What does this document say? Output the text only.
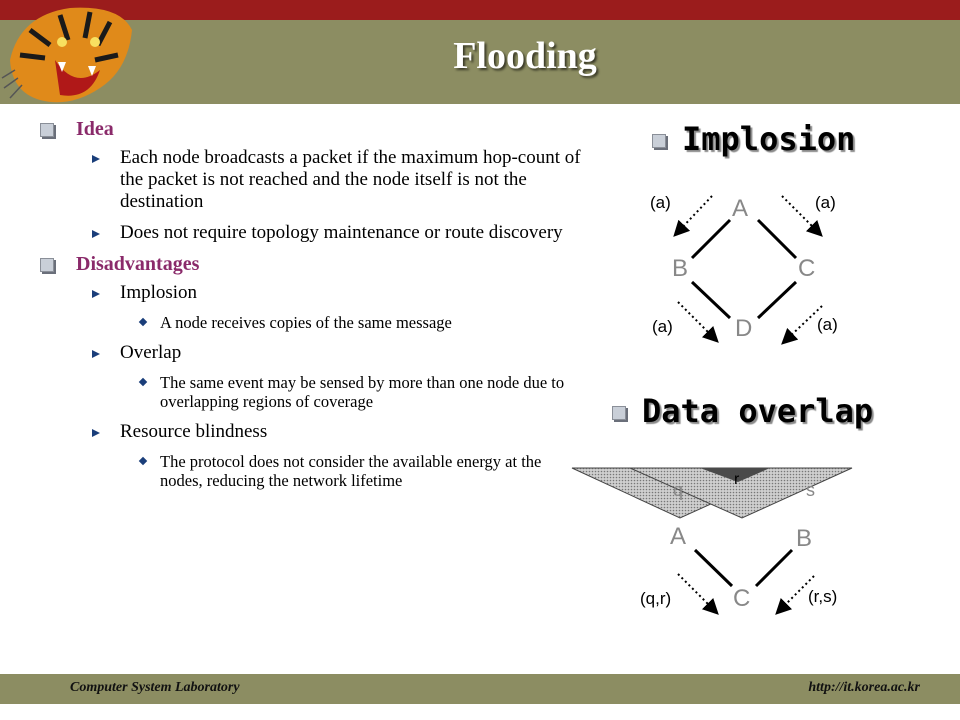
Flooding
Idea
Each node broadcasts a packet if the maximum hop-count of the packet is not reached and the node itself is not the destination
Does not require topology maintenance or route discovery
Disadvantages
Implosion
A node receives copies of the same message
Overlap
The same event may be sensed by more than one node due to overlapping regions of coverage
Resource blindness
The protocol does not consider the available energy at the nodes, reducing the network lifetime
Implosion
A
B	C
D
(a)	(a)
(a)	(a)
Data overlap
q
r
s
A	B
C
(q,r)	(r,s)
Computer System Laboratory	http://it.korea.ac.kr
